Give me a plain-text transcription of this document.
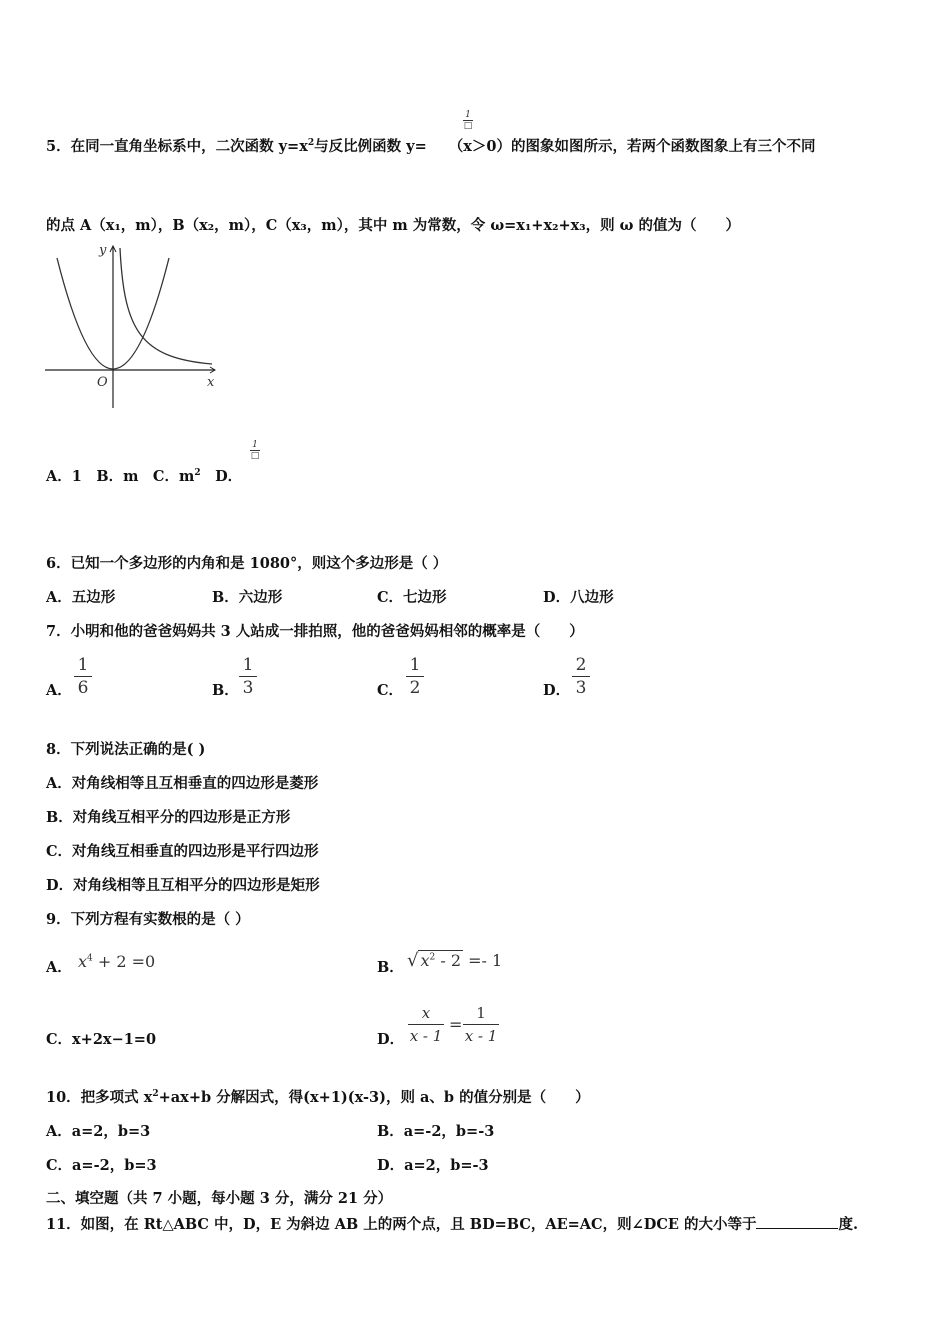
5．在同一直角坐标系中，二次函数 $y=x^2$与反比例函数 y= （x＞0）的图象如图所示，若两个函数图象上有三个不同
1
□
的点 A（x₁，m），B（x₂，m），C（x₃，m），其中 m 为常数，令 ω=x₁+x₂+x₃，则 ω 的值为（　　）
y
x
O
A．1　B．m　C．$m^2$　 D．
1
□
6．已知一个多边形的内角和是 1080°，则这个多边形是（ ）
A．五边形	B．六边形	C．七边形	D．八边形
7．小明和他的爸爸妈妈共 3 人站成一排拍照，他的爸爸妈妈相邻的概率是（　　）
A．
1
6	B．
1
3	C．
1
2	D．
2
3
8．下列说法正确的是( )
A．对角线相等且互相垂直的四边形是菱形
B．对角线互相平分的四边形是正方形
C．对角线互相垂直的四边形是平行四边形
D．对角线相等且互相平分的四边形是矩形
9．下列方程有实数根的是（ ）
A． $x^4 + 2 =0$	B． √ $x^2 - 2 =- 1$
C．x+2x−1=0	D．
x
x - 1
=
1
x - 1
10．把多项式 $x^2+ax+b$ 分解因式，得(x+1)(x-3)，则 a、b 的值分别是（　　）
A．a=2，b=3	B．a=-2，b=-3
C．a=-2，b=3	D．a=2，b=-3
二、填空题（共 7 小题，每小题 3 分，满分 21 分）
11．如图，在 Rt△ABC 中，D，E 为斜边 AB 上的两个点，且 BD=BC，AE=AC，则∠DCE 的大小等于	度.
